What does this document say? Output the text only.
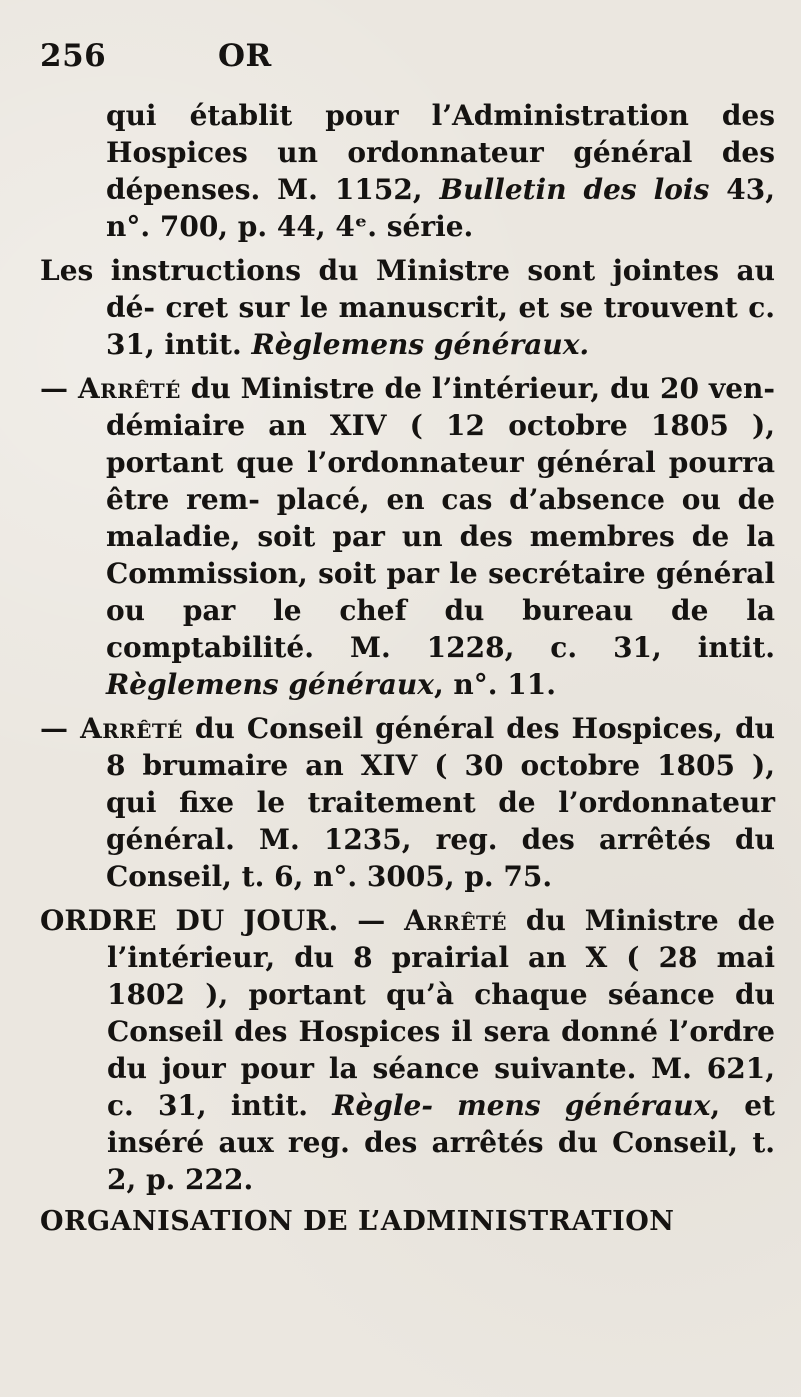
256	OR

qui établit pour l’Administration des Hospices un ordonnateur général des dépenses. M. 1152, Bulletin des lois 43, n°. 700, p. 44, 4ᵉ. série.

Les instructions du Ministre sont jointes au dé- cret sur le manuscrit, et se trouvent c. 31, intit. Règlemens généraux.

— Arrêté du Ministre de l’intérieur, du 20 ven- démiaire an XIV ( 12 octobre 1805 ), portant que l’ordonnateur général pourra être rem- placé, en cas d’absence ou de maladie, soit par un des membres de la Commission, soit par le secrétaire général ou par le chef du bureau de la comptabilité. M. 1228, c. 31, intit. Règlemens généraux, n°. 11.

— Arrêté du Conseil général des Hospices, du 8 brumaire an XIV ( 30 octobre 1805 ), qui fixe le traitement de l’ordonnateur général. M. 1235, reg. des arrêtés du Conseil, t. 6, n°. 3005, p. 75.

ORDRE DU JOUR. — Arrêté du Ministre de l’intérieur, du 8 prairial an X ( 28 mai 1802 ), portant qu’à chaque séance du Conseil des Hospices il sera donné l’ordre du jour pour la séance suivante. M. 621, c. 31, intit. Règle- mens généraux, et inséré aux reg. des arrêtés du Conseil, t. 2, p. 222.

ORGANISATION DE L’ADMINISTRATION
